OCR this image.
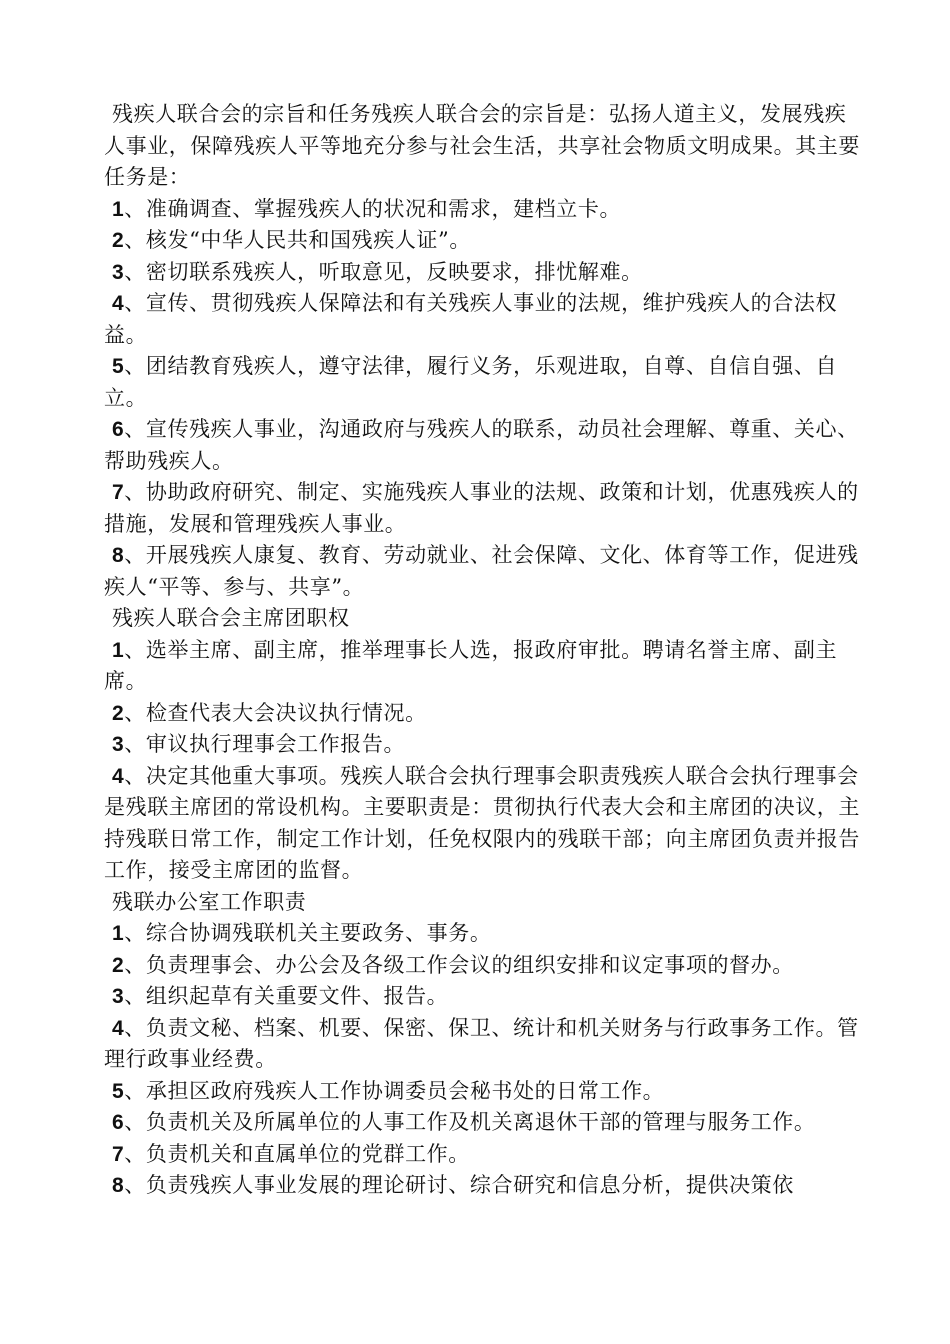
残疾人联合会的宗旨和任务残疾人联合会的宗旨是：弘扬人道主义，发展残疾人事业，保障残疾人平等地充分参与社会生活，共享社会物质文明成果。其主要任务是：

1、准确调查、掌握残疾人的状况和需求，建档立卡。

2、核发“中华人民共和国残疾人证”。

3、密切联系残疾人，听取意见，反映要求，排忧解难。

4、宣传、贯彻残疾人保障法和有关残疾人事业的法规，维护残疾人的合法权益。

5、团结教育残疾人，遵守法律，履行义务，乐观进取，自尊、自信自强、自立。

6、宣传残疾人事业，沟通政府与残疾人的联系，动员社会理解、尊重、关心、帮助残疾人。

7、协助政府研究、制定、实施残疾人事业的法规、政策和计划，优惠残疾人的措施，发展和管理残疾人事业。

8、开展残疾人康复、教育、劳动就业、社会保障、文化、体育等工作，促进残疾人“平等、参与、共享”。

残疾人联合会主席团职权

1、选举主席、副主席，推举理事长人选，报政府审批。聘请名誉主席、副主席。

2、检查代表大会决议执行情况。

3、审议执行理事会工作报告。

4、决定其他重大事项。残疾人联合会执行理事会职责残疾人联合会执行理事会是残联主席团的常设机构。主要职责是：贯彻执行代表大会和主席团的决议，主持残联日常工作，制定工作计划，任免权限内的残联干部；向主席团负责并报告工作，接受主席团的监督。

残联办公室工作职责

1、综合协调残联机关主要政务、事务。

2、负责理事会、办公会及各级工作会议的组织安排和议定事项的督办。

3、组织起草有关重要文件、报告。

4、负责文秘、档案、机要、保密、保卫、统计和机关财务与行政事务工作。管理行政事业经费。

5、承担区政府残疾人工作协调委员会秘书处的日常工作。

6、负责机关及所属单位的人事工作及机关离退休干部的管理与服务工作。

7、负责机关和直属单位的党群工作。

8、负责残疾人事业发展的理论研讨、综合研究和信息分析，提供决策依
